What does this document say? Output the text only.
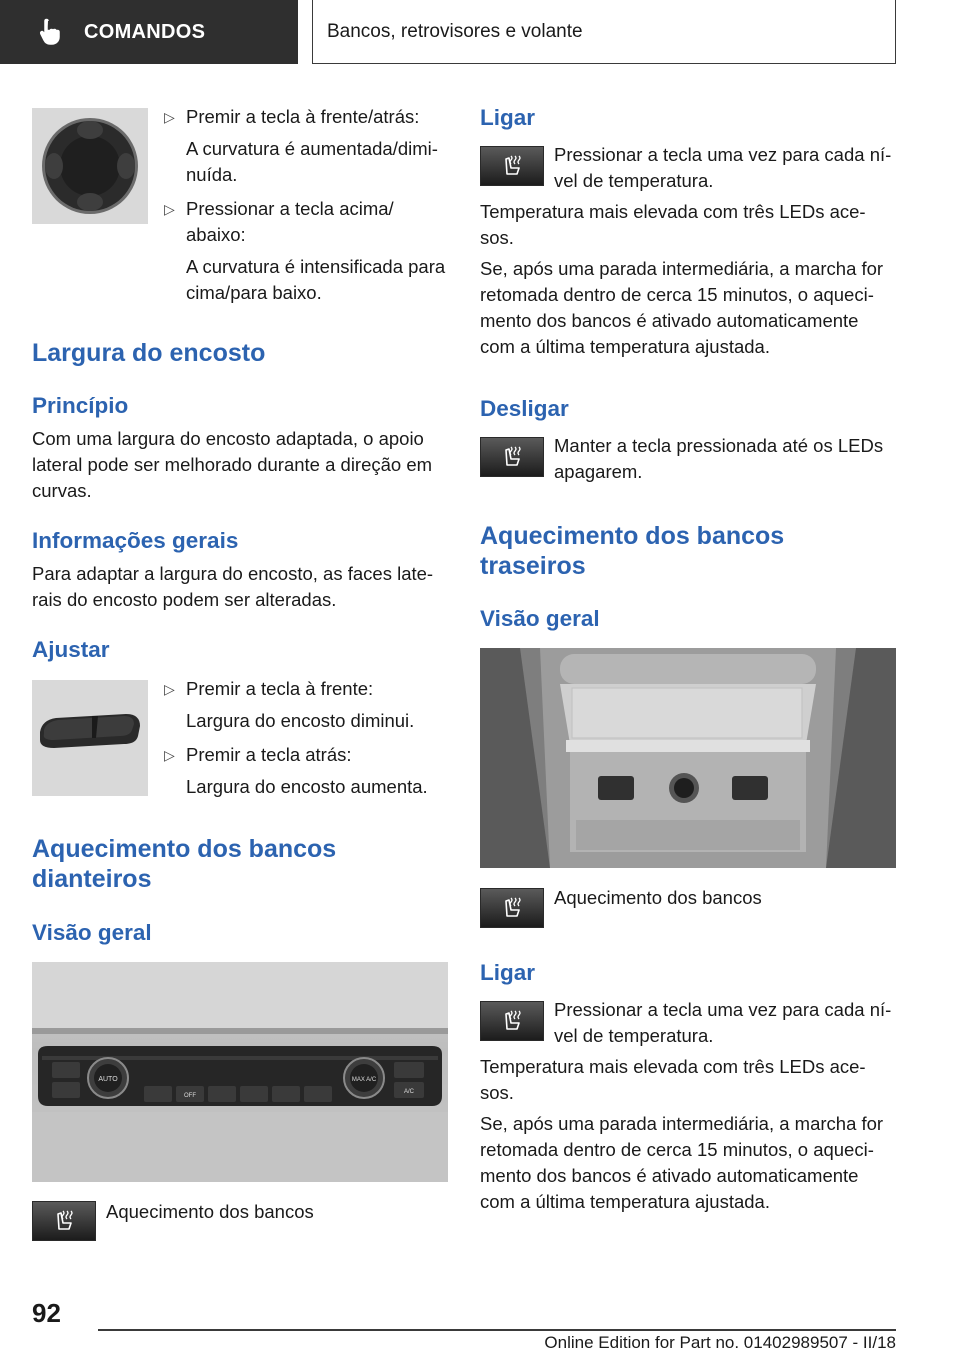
COMANDOS	Bancos, retrovisores e volante
▷ Premir a tecla à frente/atrás:
A curvatura é aumentada/dimi-nuída.
▷ Pressionar a tecla acima/ abaixo:
A curvatura é intensificada para cima/para baixo.
Largura do encosto
Princípio
Com uma largura do encosto adaptada, o apoio lateral pode ser melhorado durante a direção em curvas.
Informações gerais
Para adaptar a largura do encosto, as faces late-rais do encosto podem ser alteradas.
Ajustar
▷ Premir a tecla à frente:
Largura do encosto diminui.
▷ Premir a tecla atrás:
Largura do encosto aumenta.
Aquecimento dos bancos dianteiros
Visão geral
AUTO	MAX A/C
A/C
OFF
Aquecimento dos bancos
Ligar
Pressionar a tecla uma vez para cada ní-vel de temperatura.
Temperatura mais elevada com três LEDs ace-sos.
Se, após uma parada intermediária, a marcha for retomada dentro de cerca 15 minutos, o aqueci-mento dos bancos é ativado automaticamente com a última temperatura ajustada.
Desligar
Manter a tecla pressionada até os LEDs apagarem.
Aquecimento dos bancos traseiros
Visão geral
Aquecimento dos bancos
Ligar
Pressionar a tecla uma vez para cada ní-vel de temperatura.
Temperatura mais elevada com três LEDs ace-sos.
Se, após uma parada intermediária, a marcha for retomada dentro de cerca 15 minutos, o aqueci-mento dos bancos é ativado automaticamente com a última temperatura ajustada.
92
Online Edition for Part no. 01402989507 - II/18
